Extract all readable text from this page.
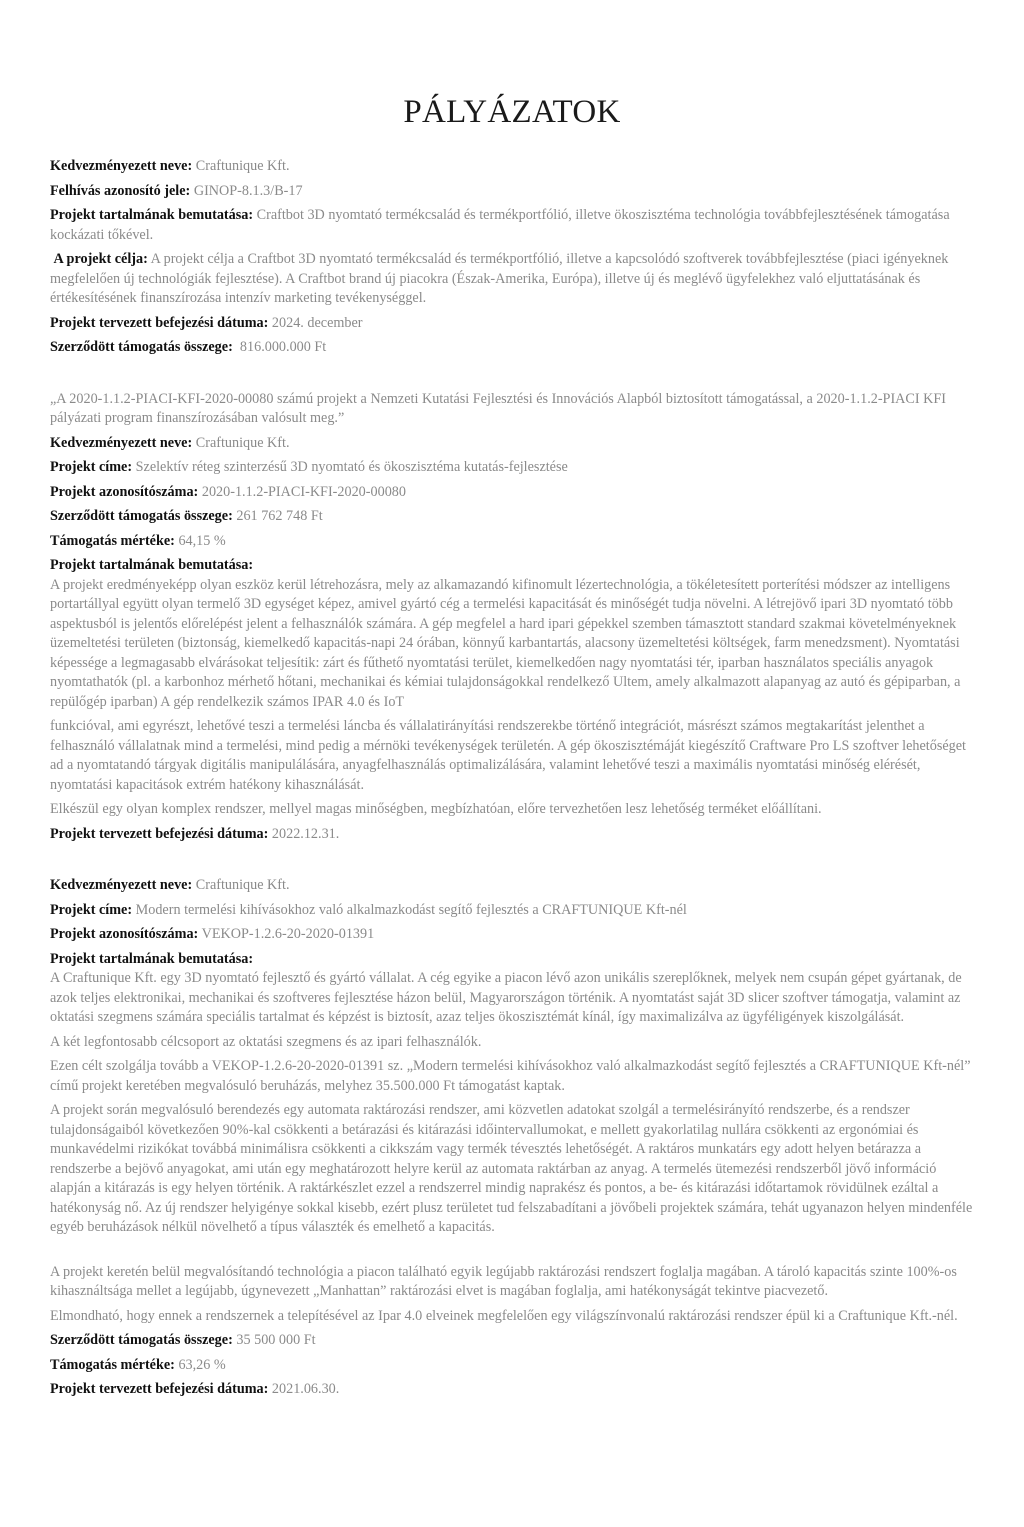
PÁLYÁZATOK

Kedvezményezett neve: Craftunique Kft.

Felhívás azonosító jele: GINOP-8.1.3/B-17

Projekt tartalmának bemutatása: Craftbot 3D nyomtató termékcsalád és termékportfólió, illetve ökoszisztéma technológia továbbfejlesztésének támogatása kockázati tőkével.

A projekt célja: A projekt célja a Craftbot 3D nyomtató termékcsalád és termékportfólió, illetve a kapcsolódó szoftverek továbbfejlesztése (piaci igényeknek megfelelően új technológiák fejlesztése). A Craftbot brand új piacokra (Észak-Amerika, Európa), illetve új és meglévő ügyfelekhez való eljuttatásának és értékesítésének finanszírozása intenzív marketing tevékenységgel.

Projekt tervezett befejezési dátuma: 2024. december

Szerződött támogatás összege: 816.000.000 Ft

„A 2020-1.1.2-PIACI-KFI-2020-00080 számú projekt a Nemzeti Kutatási Fejlesztési és Innovációs Alapból biztosított támogatással, a 2020-1.1.2-PIACI KFI pályázati program finanszírozásában valósult meg.”

Kedvezményezett neve: Craftunique Kft.

Projekt címe: Szelektív réteg szinterzésű 3D nyomtató és ökoszisztéma kutatás-fejlesztése

Projekt azonosítószáma: 2020-1.1.2-PIACI-KFI-2020-00080

Szerződött támogatás összege: 261 762 748 Ft

Támogatás mértéke: 64,15 %

Projekt tartalmának bemutatása:

A projekt eredményeképp olyan eszköz kerül létrehozásra, mely az alkamazandó kifinomult lézertechnológia, a tökéletesített porterítési módszer az intelligens portartállyal együtt olyan termelő 3D egységet képez, amivel gyártó cég a termelési kapacitását és minőségét tudja növelni. A létrejövő ipari 3D nyomtató több aspektusból is jelentős előrelépést jelent a felhasználók számára. A gép megfelel a hard ipari gépekkel szemben támasztott standard szakmai követelményeknek üzemeltetési területen (biztonság, kiemelkedő kapacitás-napi 24 órában, könnyű karbantartás, alacsony üzemeltetési költségek, farm menedzsment). Nyomtatási képessége a legmagasabb elvárásokat teljesítik: zárt és fűthető nyomtatási terület, kiemelkedően nagy nyomtatási tér, iparban használatos speciális anyagok nyomtathatók (pl. a karbonhoz mérhető hőtani, mechanikai és kémiai tulajdonságokkal rendelkező Ultem, amely alkalmazott alapanyag az autó és gépiparban, a repülőgép iparban) A gép rendelkezik számos IPAR 4.0 és IoT

funkcióval, ami egyrészt, lehetővé teszi a termelési láncba és vállalatirányítási rendszerekbe történő integrációt, másrészt számos megtakarítást jelenthet a felhasználó vállalatnak mind a termelési, mind pedig a mérnöki tevékenységek területén. A gép ökoszisztémáját kiegészítő Craftware Pro LS szoftver lehetőséget ad a nyomtatandó tárgyak digitális manipulálására, anyagfelhasználás optimalizálására, valamint lehetővé teszi a maximális nyomtatási minőség elérését, nyomtatási kapacitások extrém hatékony kihasználását.

Elkészül egy olyan komplex rendszer, mellyel magas minőségben, megbízhatóan, előre tervezhetően lesz lehetőség terméket előállítani.

Projekt tervezett befejezési dátuma: 2022.12.31.

Kedvezményezett neve: Craftunique Kft.

Projekt címe: Modern termelési kihívásokhoz való alkalmazkodást segítő fejlesztés a CRAFTUNIQUE Kft-nél

Projekt azonosítószáma: VEKOP-1.2.6-20-2020-01391

Projekt tartalmának bemutatása:

A Craftunique Kft. egy 3D nyomtató fejlesztő és gyártó vállalat. A cég egyike a piacon lévő azon unikális szereplőknek, melyek nem csupán gépet gyártanak, de azok teljes elektronikai, mechanikai és szoftveres fejlesztése házon belül, Magyarországon történik. A nyomtatást saját 3D slicer szoftver támogatja, valamint az oktatási szegmens számára speciális tartalmat és képzést is biztosít, azaz teljes ökoszisztémát kínál, így maximalizálva az ügyféligények kiszolgálását.

A két legfontosabb célcsoport az oktatási szegmens és az ipari felhasználók.

Ezen célt szolgálja tovább a VEKOP-1.2.6-20-2020-01391 sz. „Modern termelési kihívásokhoz való alkalmazkodást segítő fejlesztés a CRAFTUNIQUE Kft-nél” című projekt keretében megvalósuló beruházás, melyhez 35.500.000 Ft támogatást kaptak.

A projekt során megvalósuló berendezés egy automata raktározási rendszer, ami közvetlen adatokat szolgál a termelésirányító rendszerbe, és a rendszer tulajdonságaiból következően 90%-kal csökkenti a betárazási és kitárazási időintervallumokat, e mellett gyakorlatilag nullára csökkenti az ergonómiai és munkavédelmi rizikókat továbbá minimálisra csökkenti a cikkszám vagy termék tévesztés lehetőségét. A raktáros munkatárs egy adott helyen betárazza a rendszerbe a bejövő anyagokat, ami után egy meghatározott helyre kerül az automata raktárban az anyag. A termelés ütemezési rendszerből jövő információ alapján a kitárazás is egy helyen történik. A raktárkészlet ezzel a rendszerrel mindig naprakész és pontos, a be- és kitárazási időtartamok rövidülnek ezáltal a hatékonyság nő. Az új rendszer helyigénye sokkal kisebb, ezért plusz területet tud felszabadítani a jövőbeli projektek számára, tehát ugyanazon helyen mindenféle egyéb beruházások nélkül növelhető a típus választék és emelhető a kapacitás.

A projekt keretén belül megvalósítandó technológia a piacon található egyik legújabb raktározási rendszert foglalja magában. A tároló kapacitás szinte 100%-os kihasználtsága mellet a legújabb, úgynevezett „Manhattan” raktározási elvet is magában foglalja, ami hatékonyságát tekintve piacvezető.

Elmondható, hogy ennek a rendszernek a telepítésével az Ipar 4.0 elveinek megfelelően egy világszínvonalú raktározási rendszer épül ki a Craftunique Kft.-nél.

Szerződött támogatás összege: 35 500 000 Ft

Támogatás mértéke: 63,26 %

Projekt tervezett befejezési dátuma: 2021.06.30.
